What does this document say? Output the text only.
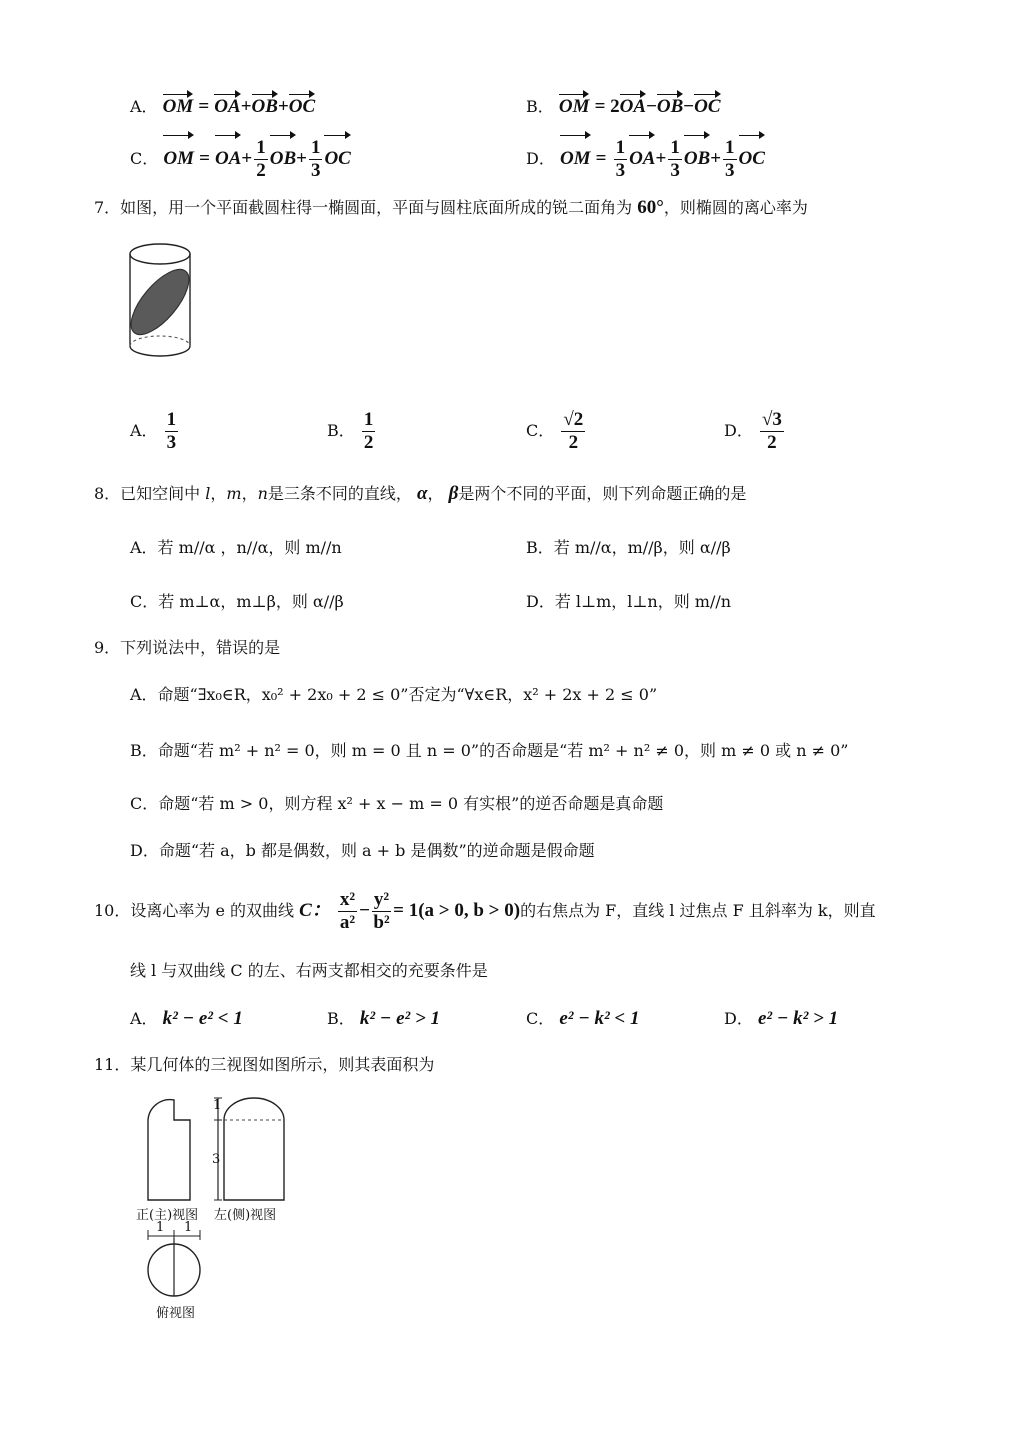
A． OM = OA+OB+OC	B． OM = 2OA−OB−OC
C． OM = $OA+ \frac{1}{2} OB+ \frac{1}{3}$ OC	D． OM = $\frac{1}{3} OA+ \frac{1}{3} OB+ \frac{1}{3}$ OC
7．如图，用一个平面截圆柱得一椭圆面，平面与圆柱底面所成的锐二面角为 60°，则椭圆的离心率为
A． $\frac{1}{3}$	B． $\frac{1}{2}$	C． $\frac{√2}{2}$	D． $\frac{√3}{2}$
8．已知空间中 l，m，n是三条不同的直线， α， β是两个不同的平面，则下列命题正确的是
A．若 m//α ，n//α，则 m//n	B．若 m//α，m//β，则 α//β
C．若 m⊥α，m⊥β，则 α//β	D．若 l⊥m，l⊥n，则 m//n
9．下列说法中，错误的是
A．命题“∃x₀∈R，x₀² + 2x₀ + 2 ≤ 0”否定为“∀x∈R，x² + 2x + 2 ≤ 0”
B．命题“若 m² + n² = 0，则 m = 0 且 n = 0”的否命题是“若 m² + n² ≠ 0，则 m ≠ 0 或 n ≠ 0”
C．命题“若 m > 0，则方程 x² + x − m = 0 有实根”的逆否命题是真命题
D．命题“若 a，b 都是偶数，则 a + b 是偶数”的逆命题是假命题
10．设离心率为 e 的双曲线 C： $\frac{\text{x²}}{\text{a²}} - \frac{\text{y²}}{\text{b²}} = 1(a > 0$, b > 0)的右焦点为 F，直线 l 过焦点 F 且斜率为 k，则直
线 l 与双曲线 C 的左、右两支都相交的充要条件是
A． k² − e² < 1	B． k² − e² > 1	C． e² − k² < 1	D． e² − k² > 1
11．某几何体的三视图如图所示，则其表面积为
1
3
正(主)视图 左(侧)视图
1 1
俯视图
